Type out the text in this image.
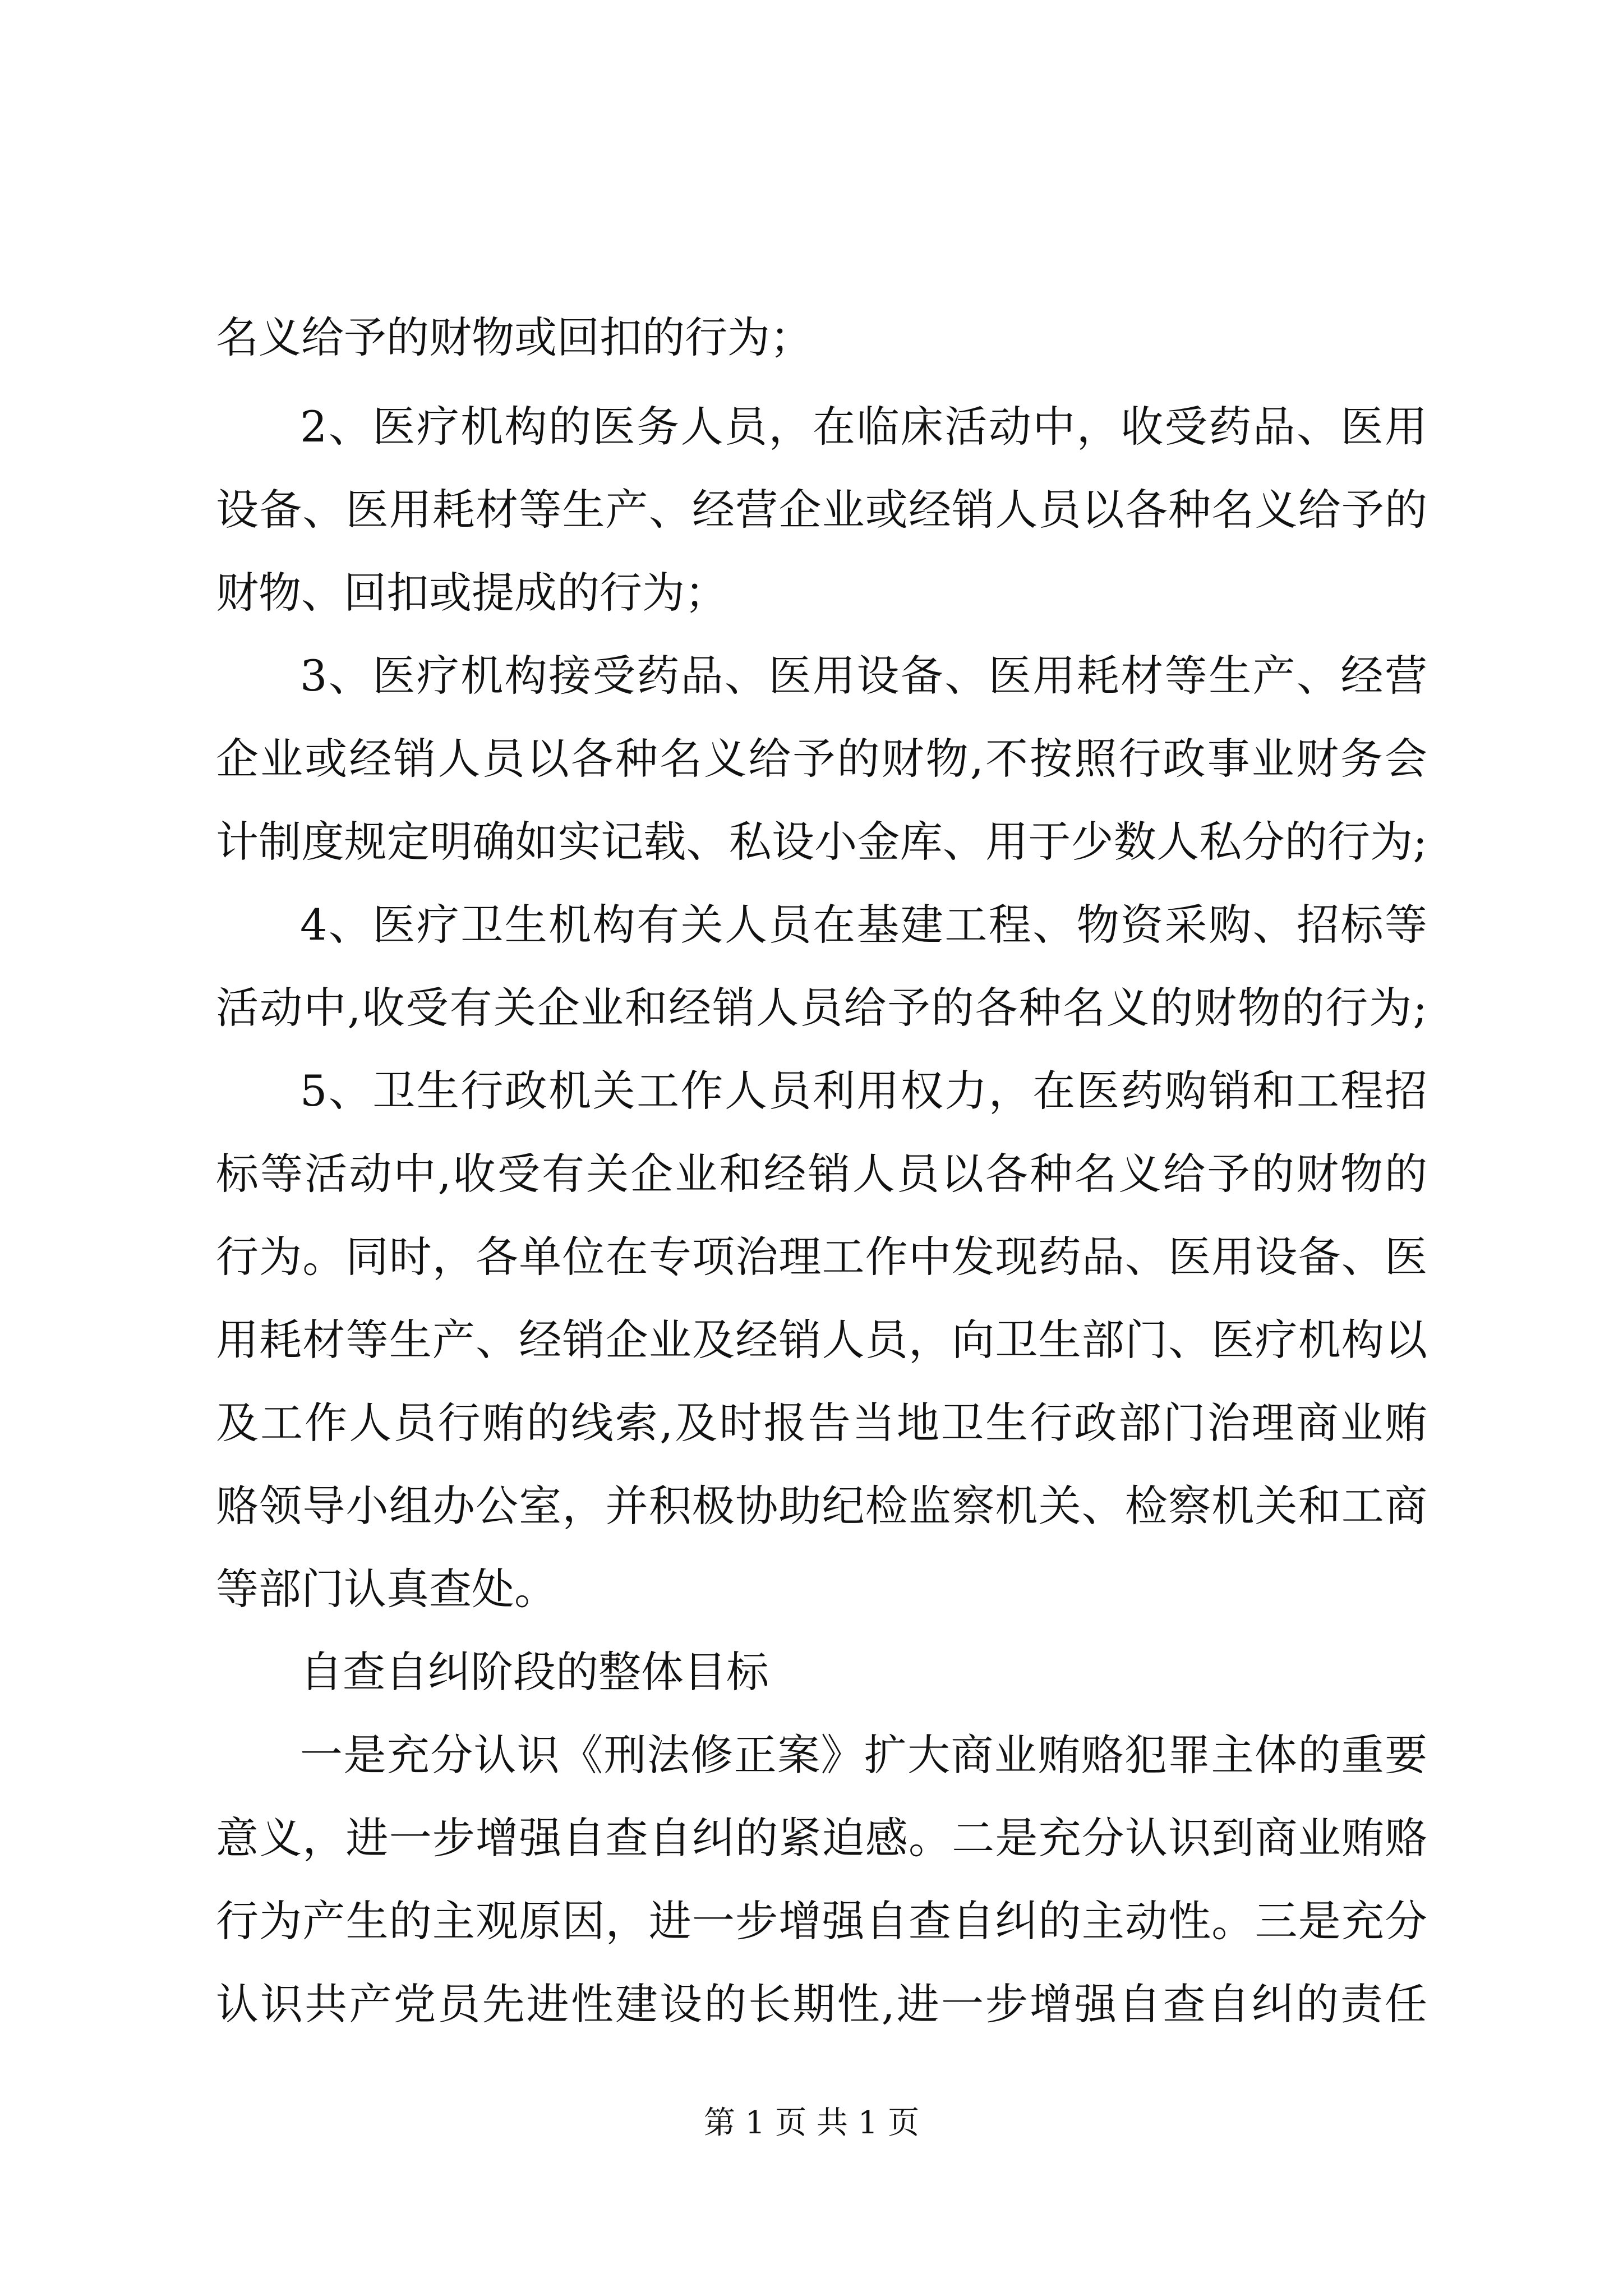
名义给予的财物或回扣的行为；
2、医疗机构的医务人员，在临床活动中，收受药品、医用
设备、医用耗材等生产、经营企业或经销人员以各种名义给予的
财物、回扣或提成的行为；
3、医疗机构接受药品、医用设备、医用耗材等生产、经营
企业或经销人员以各种名义给予的财物,不按照行政事业财务会
计制度规定明确如实记载、私设小金库、用于少数人私分的行为;
4、医疗卫生机构有关人员在基建工程、物资采购、招标等
活动中,收受有关企业和经销人员给予的各种名义的财物的行为;
5、卫生行政机关工作人员利用权力，在医药购销和工程招
标等活动中,收受有关企业和经销人员以各种名义给予的财物的
行为。同时，各单位在专项治理工作中发现药品、医用设备、医
用耗材等生产、经销企业及经销人员，向卫生部门、医疗机构以
及工作人员行贿的线索,及时报告当地卫生行政部门治理商业贿
赂领导小组办公室，并积极协助纪检监察机关、检察机关和工商
等部门认真查处。
自查自纠阶段的整体目标
一是充分认识《刑法修正案》扩大商业贿赂犯罪主体的重要
意义，进一步增强自查自纠的紧迫感。二是充分认识到商业贿赂
行为产生的主观原因，进一步增强自查自纠的主动性。三是充分
认识共产党员先进性建设的长期性,进一步增强自查自纠的责任
第 1 页 共 1 页
